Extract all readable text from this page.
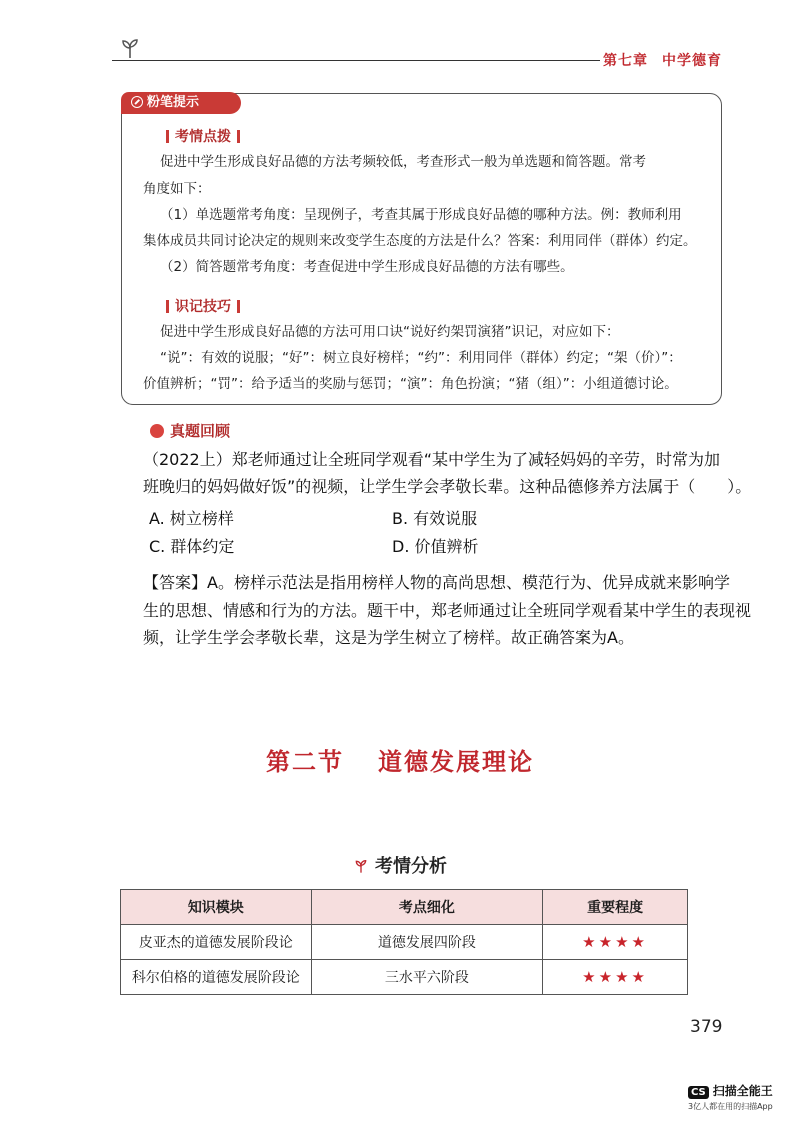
第七章 中学德育
粉笔提示
考情点拨
促进中学生形成良好品德的方法考频较低，考查形式一般为单选题和简答题。常考
角度如下：
（1）单选题常考角度：呈现例子，考查其属于形成良好品德的哪种方法。例：教师利用
集体成员共同讨论决定的规则来改变学生态度的方法是什么？答案：利用同伴（群体）约定。
（2）简答题常考角度：考查促进中学生形成良好品德的方法有哪些。
识记技巧
促进中学生形成良好品德的方法可用口诀“说好约架罚演猪”识记，对应如下：
“说”：有效的说服；“好”：树立良好榜样；“约”：利用同伴（群体）约定；“架（价）”：
价值辨析；“罚”：给予适当的奖励与惩罚；“演”：角色扮演；“猪（组）”：小组道德讨论。
真题回顾
（2022上）郑老师通过让全班同学观看“某中学生为了减轻妈妈的辛劳，时常为加
班晚归的妈妈做好饭”的视频，让学生学会孝敬长辈。这种品德修养方法属于（　　）。
A. 树立榜样	B. 有效说服
C. 群体约定	D. 价值辨析
【答案】A。榜样示范法是指用榜样人物的高尚思想、模范行为、优异成就来影响学
生的思想、情感和行为的方法。题干中，郑老师通过让全班同学观看某中学生的表现视
频，让学生学会孝敬长辈，这是为学生树立了榜样。故正确答案为A。
第二节 道德发展理论
考情分析
知识模块	考点细化	重要程度
皮亚杰的道德发展阶段论	道德发展四阶段	★★★★
科尔伯格的道德发展阶段论	三水平六阶段	★★★★
379
CS 扫描全能王
3亿人都在用的扫描App
